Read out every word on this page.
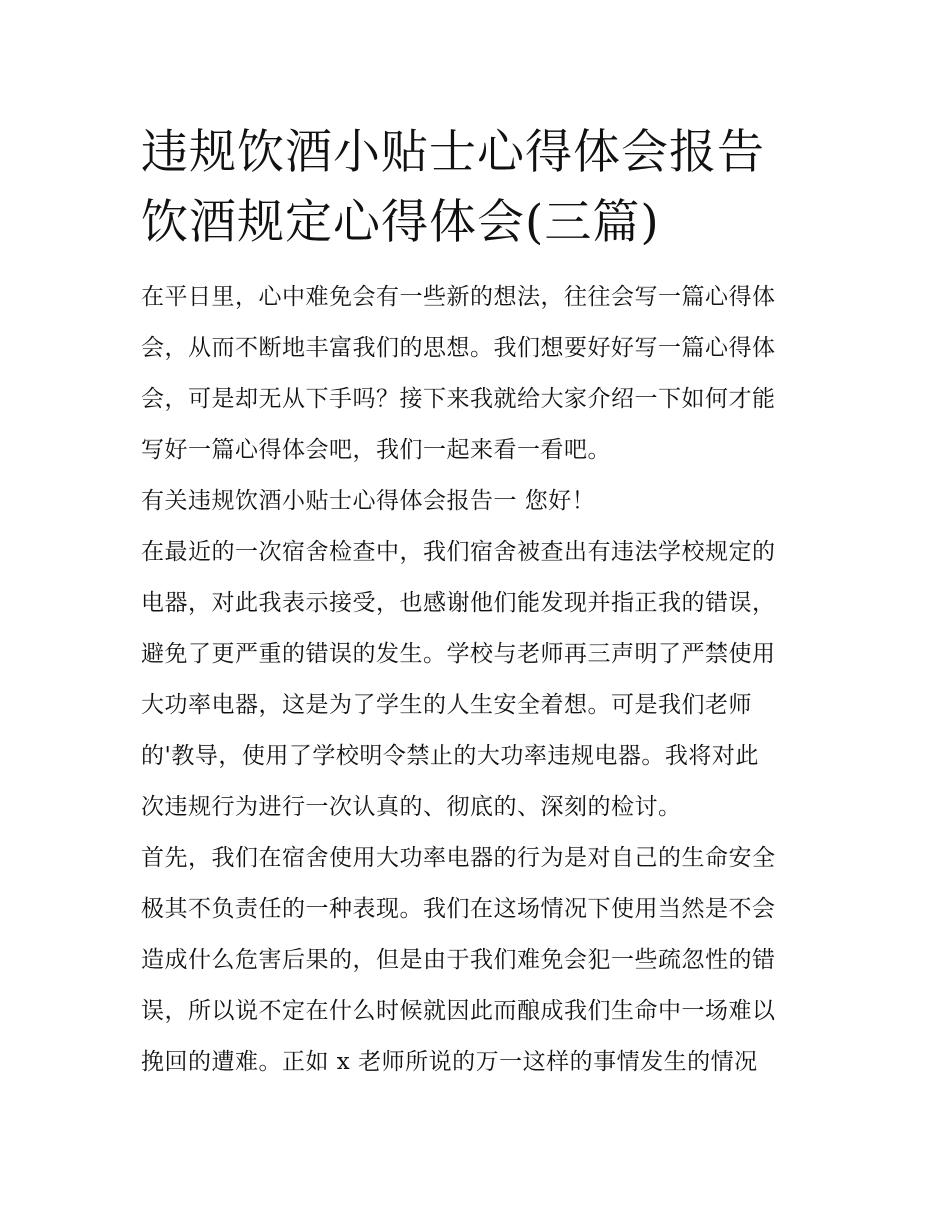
违规饮酒小贴士心得体会报告
饮酒规定心得体会(三篇)

在平日里，心中难免会有一些新的想法，往往会写一篇心得体
会，从而不断地丰富我们的思想。我们想要好好写一篇心得体
会，可是却无从下手吗？接下来我就给大家介绍一下如何才能
写好一篇心得体会吧，我们一起来看一看吧。

有关违规饮酒小贴士心得体会报告一 您好！

在最近的一次宿舍检查中，我们宿舍被查出有违法学校规定的
电器，对此我表示接受，也感谢他们能发现并指正我的错误，
避免了更严重的错误的发生。学校与老师再三声明了严禁使用
大功率电器，这是为了学生的人生安全着想。可是我们老师
的'教导，使用了学校明令禁止的大功率违规电器。我将对此
次违规行为进行一次认真的、彻底的、深刻的检讨。

首先，我们在宿舍使用大功率电器的行为是对自己的生命安全
极其不负责任的一种表现。我们在这场情况下使用当然是不会
造成什么危害后果的，但是由于我们难免会犯一些疏忽性的错
误，所以说不定在什么时候就因此而酿成我们生命中一场难以
挽回的遭难。正如 x 老师所说的万一这样的事情发生的情况
